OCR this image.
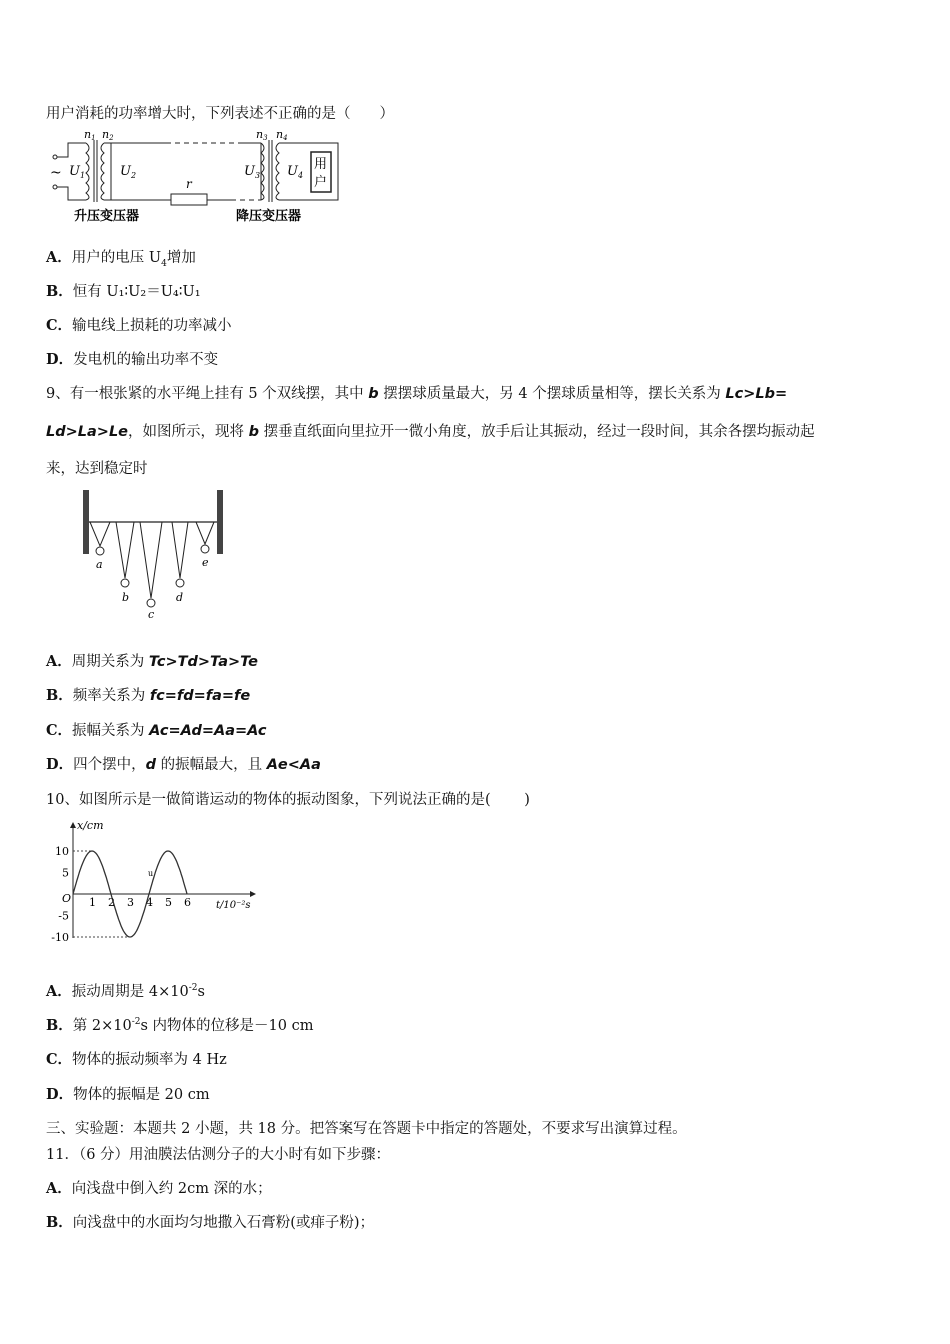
用户消耗的功率增大时，下列表述不正确的是（　　）
~ $U_1$
n1 n2
$U_2$
r
$U_3$
n3 n4
$U_4$
用
户
升压变压器	降压变压器
A．用户的电压 $U_4$增加
B．恒有 U₁∶U₂＝U₄∶U₁
C．输电线上损耗的功率减小
D．发电机的输出功率不变
9、有一根张紧的水平绳上挂有 5 个双线摆，其中 b 摆摆球质量最大，另 4 个摆球质量相等，摆长关系为 Lc>Lb=
Ld>La>Le，如图所示，现将 b 摆垂直纸面向里拉开一微小角度，放手后让其振动，经过一段时间，其余各摆均振动起
来，达到稳定时
a
b
c
d
e
A．周期关系为 Tc>Td>Ta>Te
B．频率关系为 fc=fd=fa=fe
C．振幅关系为 Ac=Ad=Aa=Ac
D．四个摆中，d 的振幅最大，且 Ae<Aa
10、如图所示是一做简谐运动的物体的振动图象，下列说法正确的是(　　 )
x/cm
t/10⁻²s
O 1 2 3 4 5 6
10
5
-5
-10
u
A．振动周期是 $4\times 10^{-2}s$
B．第 $2\times 10^{-2}s$ 内物体的位移是－10 cm
C．物体的振动频率为 4 Hz
D．物体的振幅是 20 cm
三、实验题：本题共 2 小题，共 18 分。把答案写在答题卡中指定的答题处，不要求写出演算过程。
11．（6 分）用油膜法估测分子的大小时有如下步骤：
A．向浅盘中倒入约 2cm 深的水；
B．向浅盘中的水面均匀地撒入石膏粉(或痱子粉)；
